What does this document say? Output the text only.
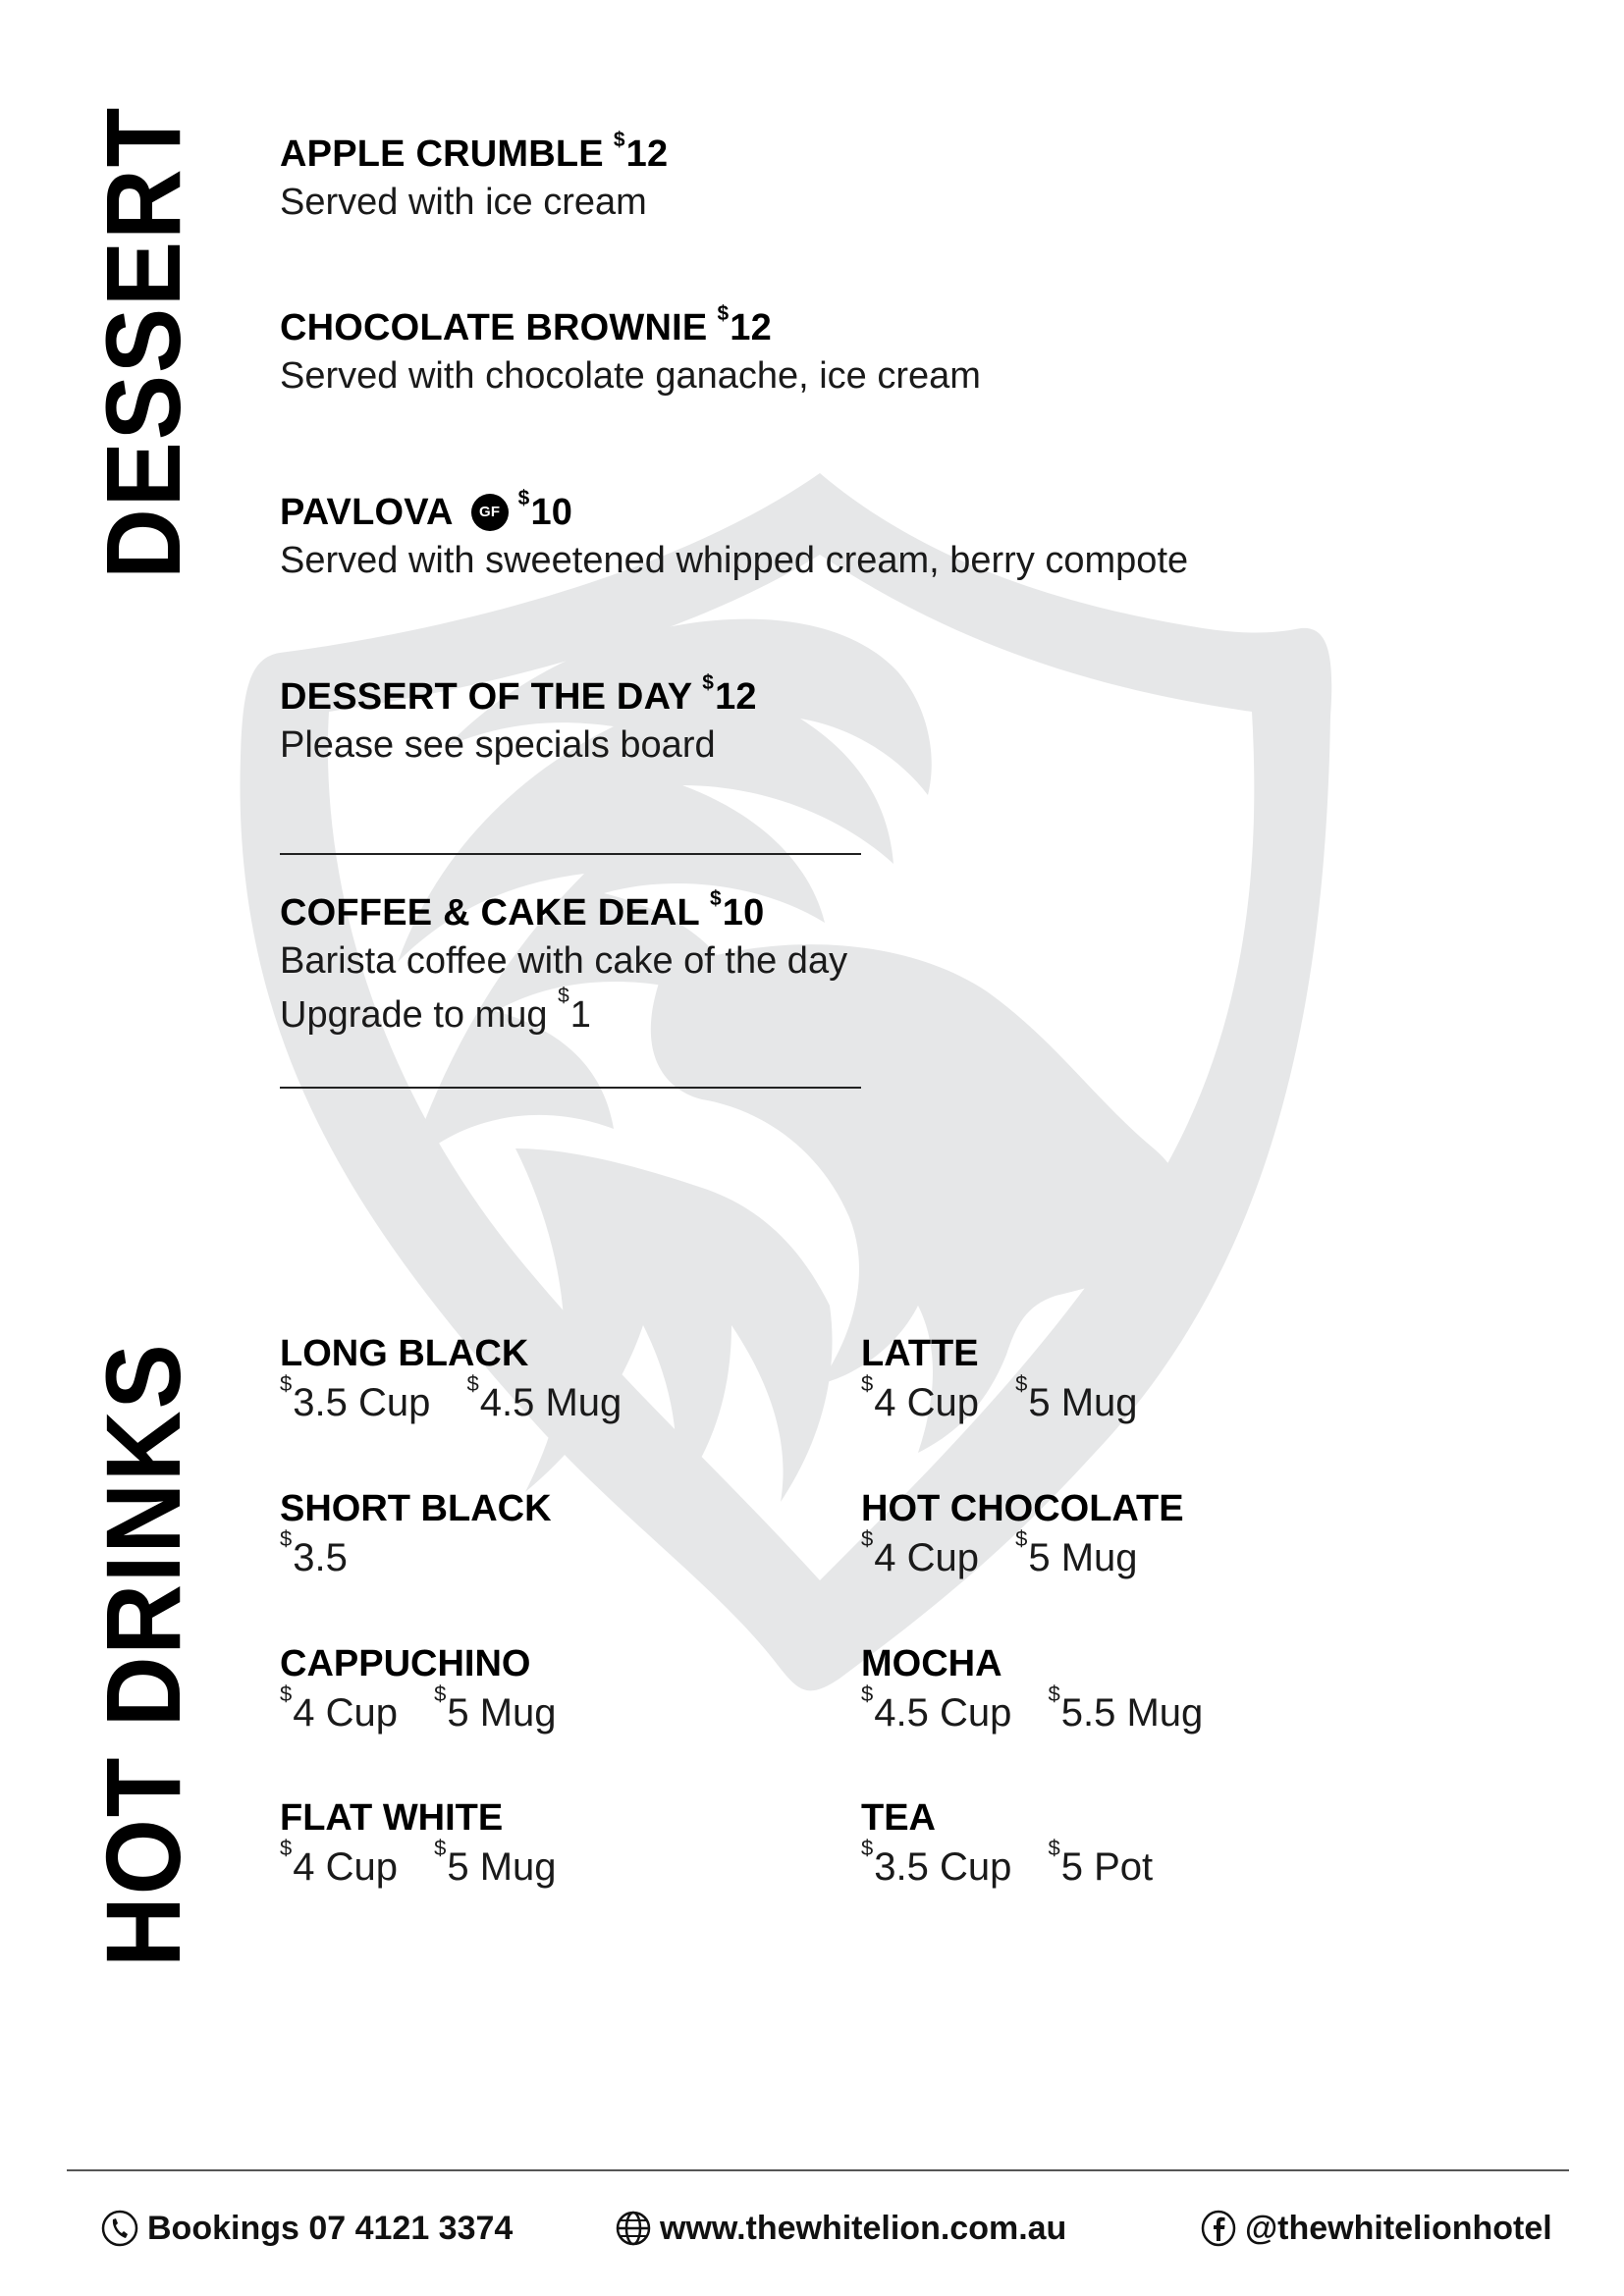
DESSERT
HOT DRINKS
APPLE CRUMBLE $12
Served with ice cream
CHOCOLATE BROWNIE $12
Served with chocolate ganache, ice cream
PAVLOVA	GF
$10
Served with sweetened whipped cream, berry compote
DESSERT OF THE DAY $12
Please see specials board
COFFEE & CAKE DEAL $10
Barista coffee with cake of the day
Upgrade to mug $1
LONG BLACK
$3.5 Cup $4.5 Mug
LATTE
$4 Cup $5 Mug
SHORT BLACK
$3.5
HOT CHOCOLATE
$4 Cup $5 Mug
CAPPUCHINO
$4 Cup $5 Mug
MOCHA
$4.5 Cup $5.5 Mug
FLAT WHITE
$4 Cup $5 Mug
TEA
$3.5 Cup $5 Pot
Bookings 07 4121 3374	www.thewhitelion.com.au	@thewhitelionhotel
